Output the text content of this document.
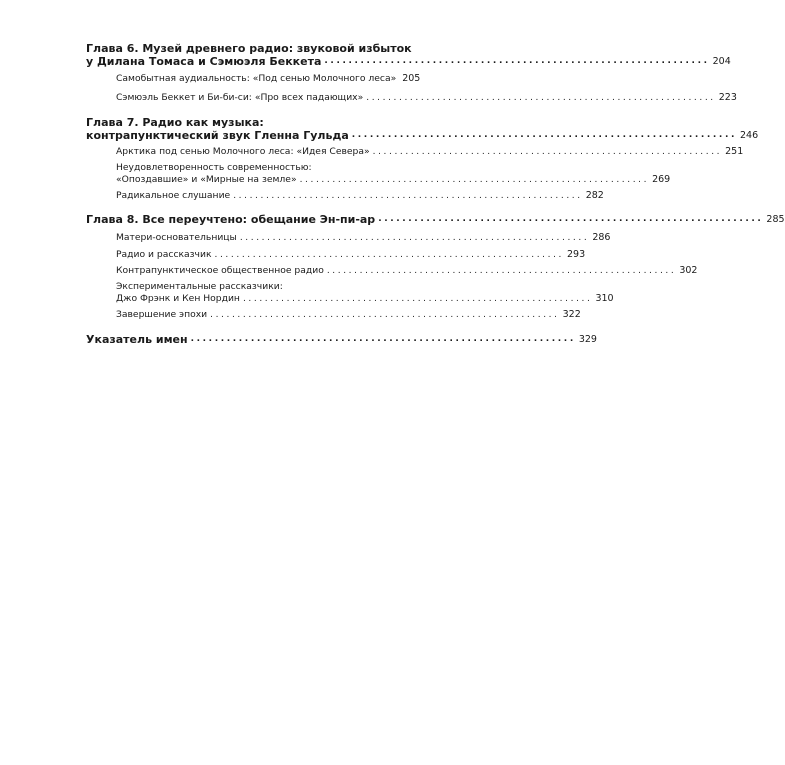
Глава 6. Музей древнего радио: звуковой избыток
у Дилана Томаса и Сэмюэля Беккета ................................................................ 204
Самобытная аудиальность: «Под сенью Молочного леса» 205
Сэмюэль Беккет и Би-би-си: «Про всех падающих» ................................................................ 223
Глава 7. Радио как музыка:
контрапунктический звук Гленна Гульда ................................................................ 246
Арктика под сенью Молочного леса: «Идея Севера» ................................................................ 251
Неудовлетворенность современностью:
«Опоздавшие» и «Мирные на земле» ................................................................ 269
Радикальное слушание ................................................................ 282
Глава 8. Все переучтено: обещание Эн-пи-ар ................................................................ 285
Матери-основательницы ................................................................ 286
Радио и рассказчик ................................................................ 293
Контрапунктическое общественное радио ................................................................ 302
Экспериментальные рассказчики:
Джо Фрэнк и Кен Нордин ................................................................ 310
Завершение эпохи ................................................................ 322
Указатель имен ................................................................ 329
